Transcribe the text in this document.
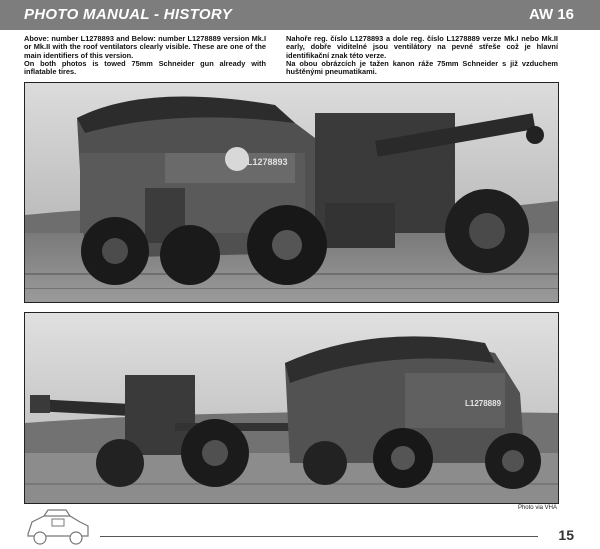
PHOTO MANUAL - HISTORY	AW 16

Above: number L1278893 and Below: number L1278889 version Mk.I or Mk.II with the roof ventilators clearly visible. These are one of the main identifiers of this version.

On both photos is towed 75mm Schneider gun already with inflatable tires.

Nahoře reg. číslo L1278893 a dole reg. číslo L1278889 verze Mk.I nebo Mk.II early, dobře viditelné jsou ventilátory na pevné střeše což je hlavní identifikační znak této verze.

Na obou obrázcích je tažen kanon ráže 75mm Schneider s již vzduchem huštěnými pneumatikami.

L1278893
L1278889
Photo via VHA
15
